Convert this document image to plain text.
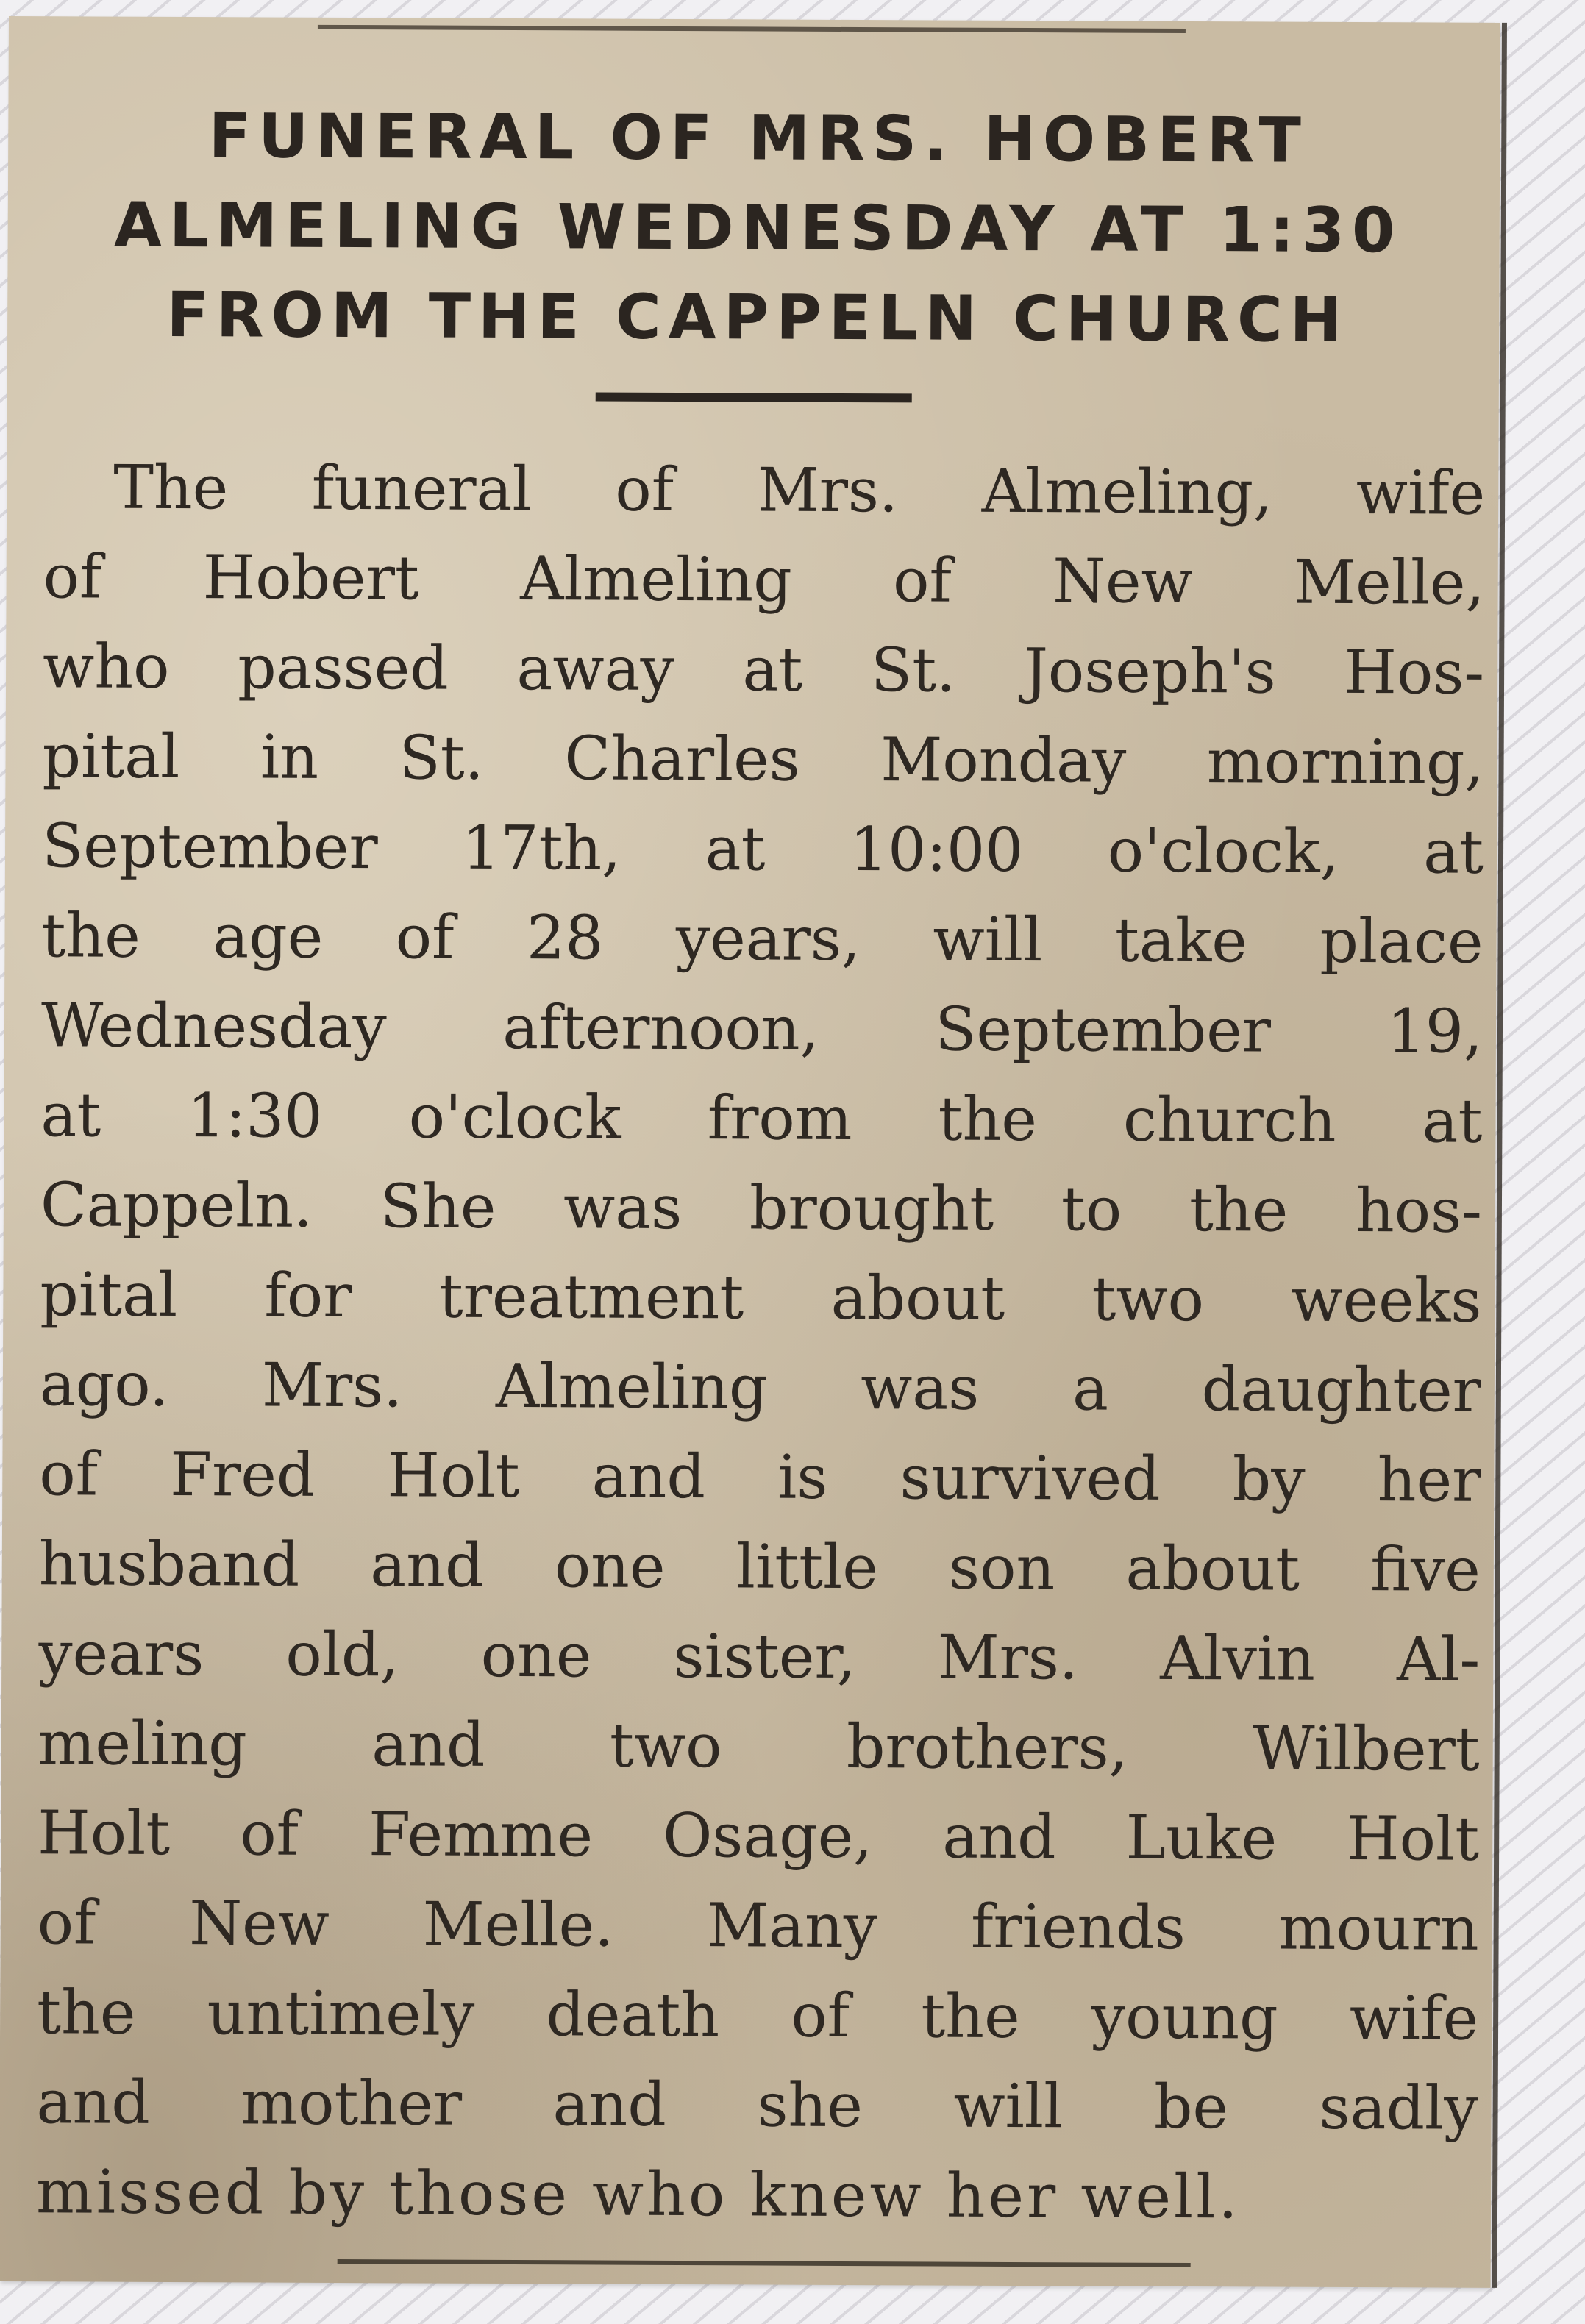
FUNERAL OF MRS. HOBERT
ALMELING WEDNESDAY AT 1:30
FROM THE CAPPELN CHURCH
The funeral of Mrs. Almeling, wife
of Hobert Almeling of New Melle,
who passed away at St. Joseph's Hos-
pital in St. Charles Monday morning,
September 17th, at 10:00 o'clock, at
the age of 28 years, will take place
Wednesday afternoon, September 19,
at 1:30 o'clock from the church at
Cappeln. She was brought to the hos-
pital for treatment about two weeks
ago. Mrs. Almeling was a daughter
of Fred Holt and is survived by her
husband and one little son about five
years old, one sister, Mrs. Alvin Al-
meling and two brothers, Wilbert
Holt of Femme Osage, and Luke Holt
of New Melle. Many friends mourn
the untimely death of the young wife
and mother and she will be sadly
missed by those who knew her well.
